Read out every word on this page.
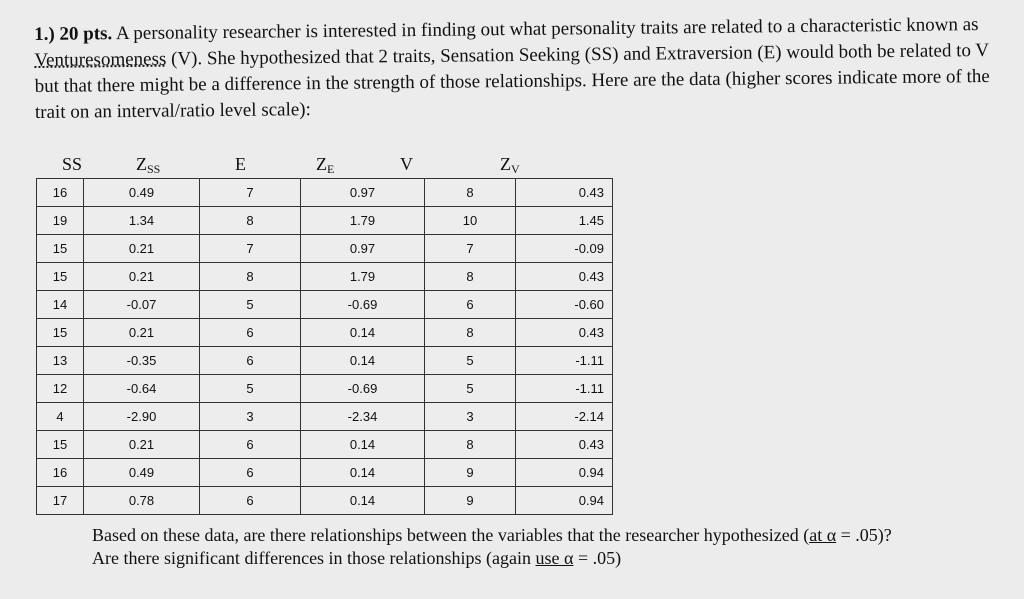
1.) 20 pts. A personality researcher is interested in finding out what personality traits are related to a characteristic known as Venturesomeness (V). She hypothesized that 2 traits, Sensation Seeking (SS) and Extraversion (E) would both be related to V but that there might be a difference in the strength of those relationships. Here are the data (higher scores indicate more of the trait on an interval/ratio level scale):
SS	$Z_{SS}$	E	$Z_E$	V	$Z_V$
16	0.49	7	0.97	8	0.43
19	1.34	8	1.79	10	1.45
15	0.21	7	0.97	7	-0.09
15	0.21	8	1.79	8	0.43
14	-0.07	5	-0.69	6	-0.60
15	0.21	6	0.14	8	0.43
13	-0.35	6	0.14	5	-1.11
12	-0.64	5	-0.69	5	-1.11
4	-2.90	3	-2.34	3	-2.14
15	0.21	6	0.14	8	0.43
16	0.49	6	0.14	9	0.94
17	0.78	6	0.14	9	0.94
Based on these data, are there relationships between the variables that the researcher hypothesized (at α = .05)?
Are there significant differences in those relationships (again use α = .05)
